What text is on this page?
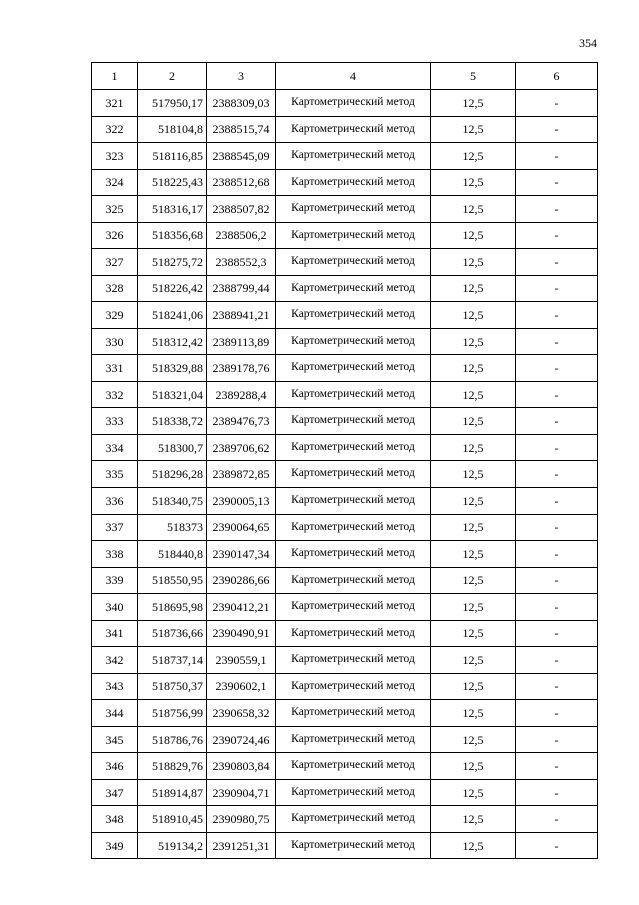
354

1	2	3	4	5	6
321	517950,17	2388309,03	Картометрический метод	12,5	-
322	518104,8	2388515,74	Картометрический метод	12,5	-
323	518116,85	2388545,09	Картометрический метод	12,5	-
324	518225,43	2388512,68	Картометрический метод	12,5	-
325	518316,17	2388507,82	Картометрический метод	12,5	-
326	518356,68	2388506,2	Картометрический метод	12,5	-
327	518275,72	2388552,3	Картометрический метод	12,5	-
328	518226,42	2388799,44	Картометрический метод	12,5	-
329	518241,06	2388941,21	Картометрический метод	12,5	-
330	518312,42	2389113,89	Картометрический метод	12,5	-
331	518329,88	2389178,76	Картометрический метод	12,5	-
332	518321,04	2389288,4	Картометрический метод	12,5	-
333	518338,72	2389476,73	Картометрический метод	12,5	-
334	518300,7	2389706,62	Картометрический метод	12,5	-
335	518296,28	2389872,85	Картометрический метод	12,5	-
336	518340,75	2390005,13	Картометрический метод	12,5	-
337	518373	2390064,65	Картометрический метод	12,5	-
338	518440,8	2390147,34	Картометрический метод	12,5	-
339	518550,95	2390286,66	Картометрический метод	12,5	-
340	518695,98	2390412,21	Картометрический метод	12,5	-
341	518736,66	2390490,91	Картометрический метод	12,5	-
342	518737,14	2390559,1	Картометрический метод	12,5	-
343	518750,37	2390602,1	Картометрический метод	12,5	-
344	518756,99	2390658,32	Картометрический метод	12,5	-
345	518786,76	2390724,46	Картометрический метод	12,5	-
346	518829,76	2390803,84	Картометрический метод	12,5	-
347	518914,87	2390904,71	Картометрический метод	12,5	-
348	518910,45	2390980,75	Картометрический метод	12,5	-
349	519134,2	2391251,31	Картометрический метод	12,5	-
